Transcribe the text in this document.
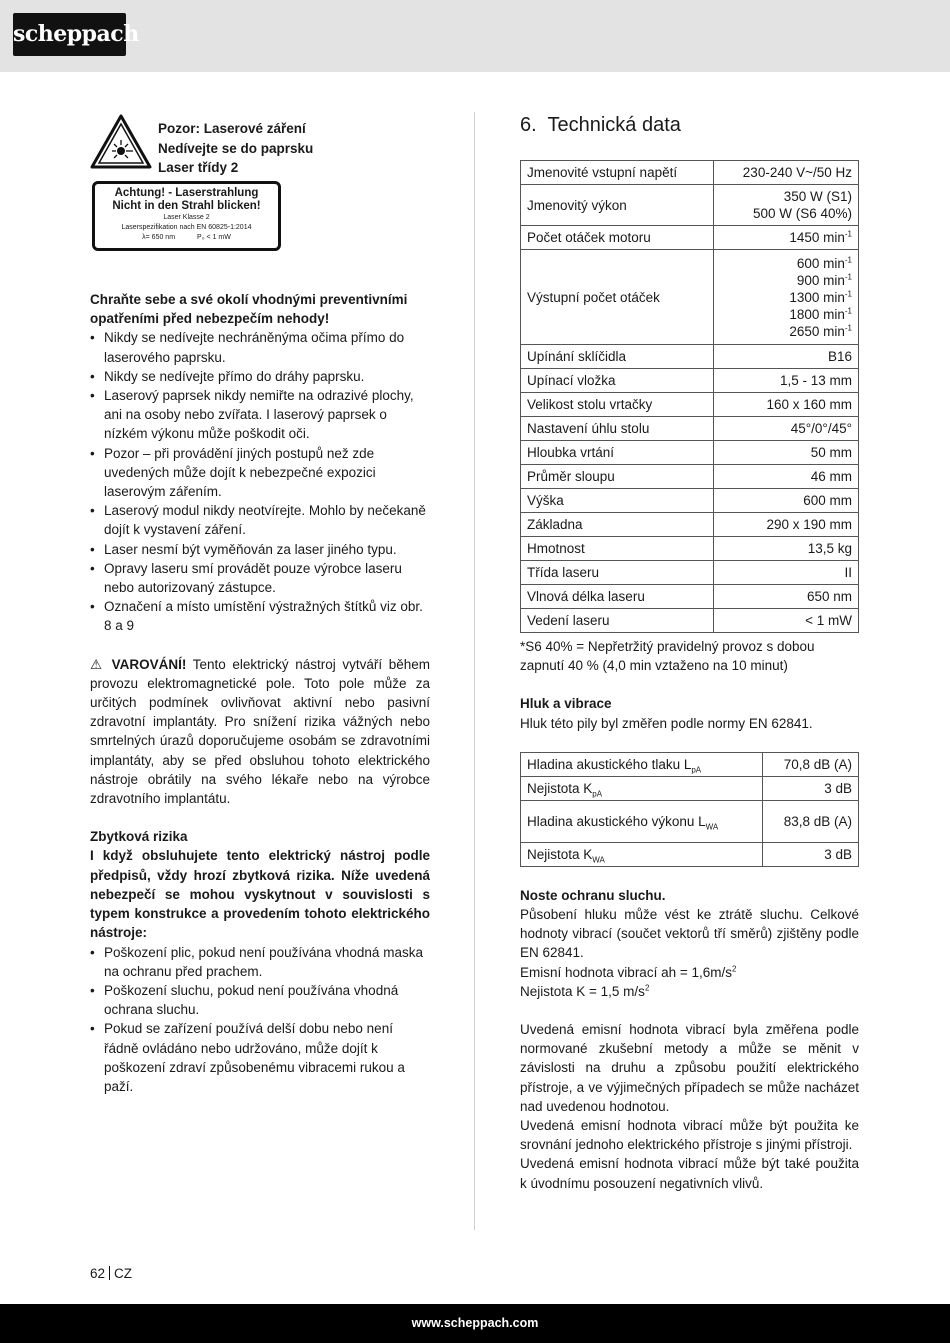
scheppach
Pozor: Laserové záření
Nedívejte se do paprsku
Laser třídy 2
Achtung! - Laserstrahlung
Nicht in den Strahl blicken!
Laser Klasse 2
Laserspezifikation nach EN 60825-1:2014
λ= 650 nm	P₀ < 1 mW

Chraňte sebe a své okolí vhodnými preventivními opatřeními před nebezpečím nehody!

• Nikdy se nedívejte nechráněnýma očima přímo do laserového paprsku.
• Nikdy se nedívejte přímo do dráhy paprsku.
• Laserový paprsek nikdy nemiřte na odrazivé plochy, ani na osoby nebo zvířata. I laserový paprsek o nízkém výkonu může poškodit oči.
• Pozor – při provádění jiných postupů než zde uvedených může dojít k nebezpečné expozici laserovým zářením.
• Laserový modul nikdy neotvírejte. Mohlo by nečekaně dojít k vystavení záření.
• Laser nesmí být vyměňován za laser jiného typu.
• Opravy laseru smí provádět pouze výrobce laseru nebo autorizovaný zástupce.
• Označení a místo umístění výstražných štítků viz obr. 8 a 9

⚠ VAROVÁNÍ! Tento elektrický nástroj vytváří během provozu elektromagnetické pole. Toto pole může za určitých podmínek ovlivňovat aktivní nebo pasivní zdravotní implantáty. Pro snížení rizika vážných nebo smrtelných úrazů doporučujeme osobám se zdravotními implantáty, aby se před obsluhou tohoto elektrického nástroje obrátily na svého lékaře nebo na výrobce zdravotního implantátu.

Zbytková rizika

I když obsluhujete tento elektrický nástroj podle předpisů, vždy hrozí zbytková rizika. Níže uvedená nebezpečí se mohou vyskytnout v souvislosti s typem konstrukce a provedením tohoto elektrického nástroje:

• Poškození plic, pokud není používána vhodná maska na ochranu před prachem.
• Poškození sluchu, pokud není používána vhodná ochrana sluchu.
• Pokud se zařízení používá delší dobu nebo není řádně ovládáno nebo udržováno, může dojít k poškození zdraví způsobenému vibracemi rukou a paží.
6. Technická data
Jmenovité vstupní napětí	230-240 V~/50 Hz

Jmenovitý výkon	350 W (S1)
500 W (S6 40%)

Počet otáček motoru	1450 $\min^{-1}$

Výstupní počet otáček	600 $\min^{-1}$
900 $\min^{-1}$
1300 $\min^{-1}$
1800 $\min^{-1}$
2650 $\min^{-1}$

Upínání sklíčidla	B16

Upínací vložka	1,5 - 13 mm

Velikost stolu vrtačky	160 x 160 mm

Nastavení úhlu stolu	45°/0°/45°

Hloubka vrtání	50 mm

Průměr sloupu	46 mm

Výška	600 mm

Základna	290 x 190 mm

Hmotnost	13,5 kg

Třída laseru	II

Vlnová délka laseru	650 nm

Vedení laseru	< 1 mW

*S6 40% = Nepřetržitý pravidelný provoz s dobou zapnutí 40 % (4,0 min vztaženo na 10 minut)

Hluk a vibrace

Hluk této pily byl změřen podle normy EN 62841.

Hladina akustického tlaku $L_{pA}$	70,8 dB (A)
Nejistota $K_{pA}$	3 dB
Hladina akustického výkonu $L_{WA}$	83,8 dB (A)
Nejistota $K_{WA}$	3 dB

Noste ochranu sluchu.

Působení hluku může vést ke ztrátě sluchu. Celkové hodnoty vibrací (součet vektorů tří směrů) zjištěny podle EN 62841.

Emisní hodnota vibrací ah = $1,6m/s^2$

Nejistota K = 1,5 $m/s^2$

Uvedená emisní hodnota vibrací byla změřena podle normované zkušební metody a může se měnit v závislosti na druhu a způsobu použití elektrického přístroje, a ve výjimečných případech se může nacházet nad uvedenou hodnotou.

Uvedená emisní hodnota vibrací může být použita ke srovnání jednoho elektrického přístroje s jinými přístroji.

Uvedená emisní hodnota vibrací může být také použita k úvodnímu posouzení negativních vlivů.

62 CZ
www.scheppach.com
